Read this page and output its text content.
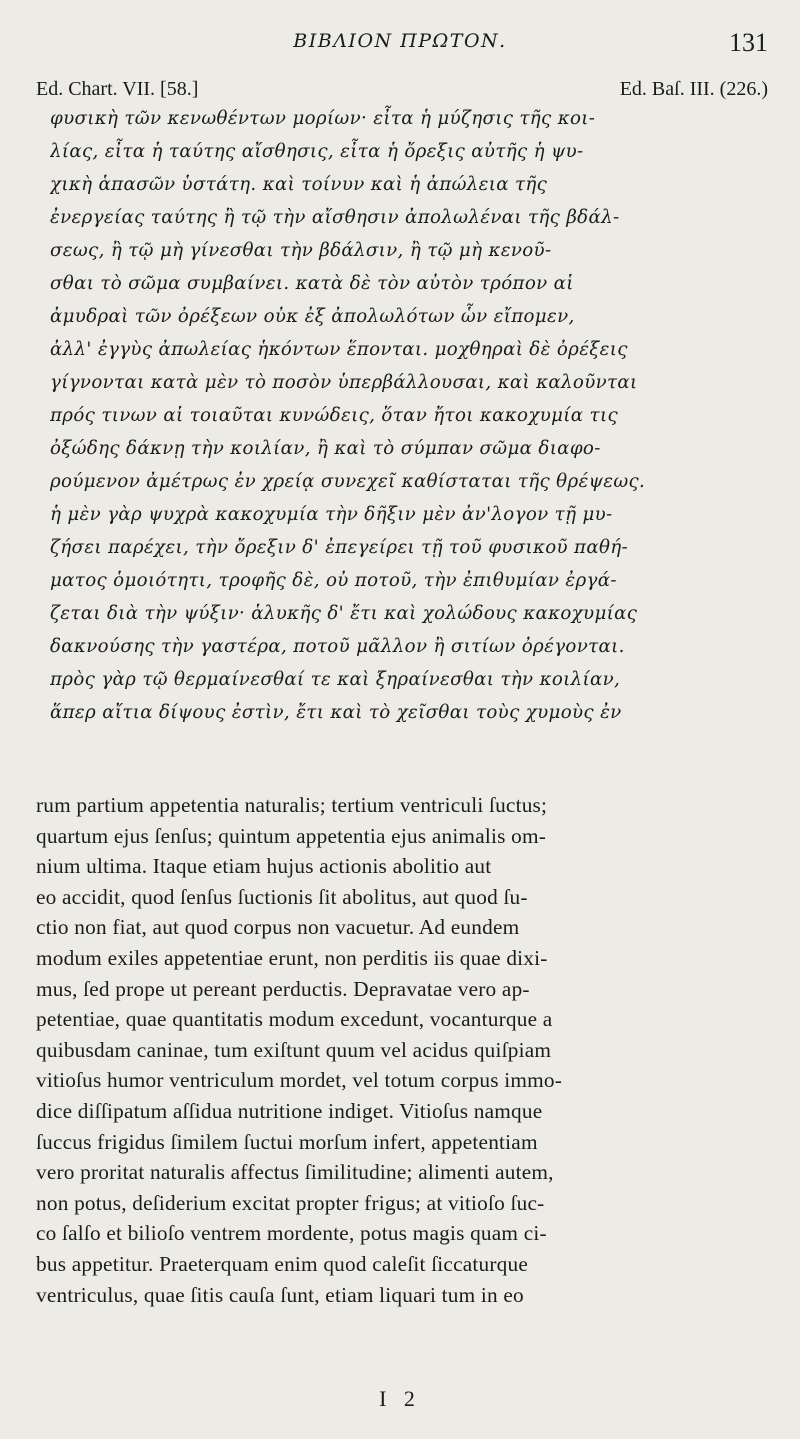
ΒΙΒΛΙΟΝ ΠΡΩΤΟΝ.	131
Ed. Chart. VII. [58.]	Ed. Baſ. III. (226.)
φυσικὴ τῶν κενωθέντων μορίων· εἶτα ἡ μύζησις τῆς κοι-
λίας, εἶτα ἡ ταύτης αἴσθησις, εἶτα ἡ ὄρεξις αὐτῆς ἡ ψυ-
χικὴ ἁπασῶν ὑστάτη. καὶ τοίνυν καὶ ἡ ἀπώλεια τῆς
ἐνεργείας ταύτης ἢ τῷ τὴν αἴσθησιν ἀπολωλέναι τῆς βδάλ-
σεως, ἢ τῷ μὴ γίνεσθαι τὴν βδάλσιν, ἢ τῷ μὴ κενοῦ-
σθαι τὸ σῶμα συμβαίνει. κατὰ δὲ τὸν αὐτὸν τρόπον αἱ
ἀμυδραὶ τῶν ὀρέξεων οὐκ ἐξ ἀπολωλότων ὧν εἴπομεν,
ἀλλ' ἐγγὺς ἀπωλείας ἡκόντων ἕπονται. μοχθηραὶ δὲ ὀρέξεις
γίγνονται κατὰ μὲν τὸ ποσὸν ὑπερβάλλουσαι, καὶ καλοῦνται
πρός τινων αἱ τοιαῦται κυνώδεις, ὅταν ἤτοι κακοχυμία τις
ὀξώδης δάκνῃ τὴν κοιλίαν, ἢ καὶ τὸ σύμπαν σῶμα διαφο-
ρούμενον ἀμέτρως ἐν χρείᾳ συνεχεῖ καθίσταται τῆς θρέψεως.
ἡ μὲν γὰρ ψυχρὰ κακοχυμία τὴν δῆξιν μὲν ἀν'λογον τῇ μυ-
ζήσει παρέχει, τὴν ὄρεξιν δ' ἐπεγείρει τῇ τοῦ φυσικοῦ παθή-
ματος ὁμοιότητι, τροφῆς δὲ, οὐ ποτοῦ, τὴν ἐπιθυμίαν ἐργά-
ζεται διὰ τὴν ψύξιν· ἁλυκῆς δ' ἔτι καὶ χολώδους κακοχυμίας
δακνούσης τὴν γαστέρα, ποτοῦ μᾶλλον ἢ σιτίων ὀρέγονται.
πρὸς γὰρ τῷ θερμαίνεσθαί τε καὶ ξηραίνεσθαι τὴν κοιλίαν,
ἅπερ αἴτια δίψους ἐστὶν, ἔτι καὶ τὸ χεῖσθαι τοὺς χυμοὺς ἐν
rum partium appetentia naturalis; tertium ventriculi ſuctus;
quartum ejus ſenſus; quintum appetentia ejus animalis om-
nium ultima. Itaque etiam hujus actionis abolitio aut
eo accidit, quod ſenſus ſuctionis ſit abolitus, aut quod ſu-
ctio non fiat, aut quod corpus non vacuetur. Ad eundem
modum exiles appetentiae erunt, non perditis iis quae dixi-
mus, ſed prope ut pereant perductis. Depravatae vero ap-
petentiae, quae quantitatis modum excedunt, vocanturque a
quibusdam caninae, tum exiſtunt quum vel acidus quiſpiam
vitioſus humor ventriculum mordet, vel totum corpus immo-
dice diſſipatum aſſidua nutritione indiget. Vitioſus namque
ſuccus frigidus ſimilem ſuctui morſum infert, appetentiam
vero proritat naturalis affectus ſimilitudine; alimenti autem,
non potus, deſiderium excitat propter frigus; at vitioſo ſuc-
co ſalſo et bilioſo ventrem mordente, potus magis quam ci-
bus appetitur. Praeterquam enim quod caleſit ſiccaturque
ventriculus, quae ſitis cauſa ſunt, etiam liquari tum in eo
I 2
